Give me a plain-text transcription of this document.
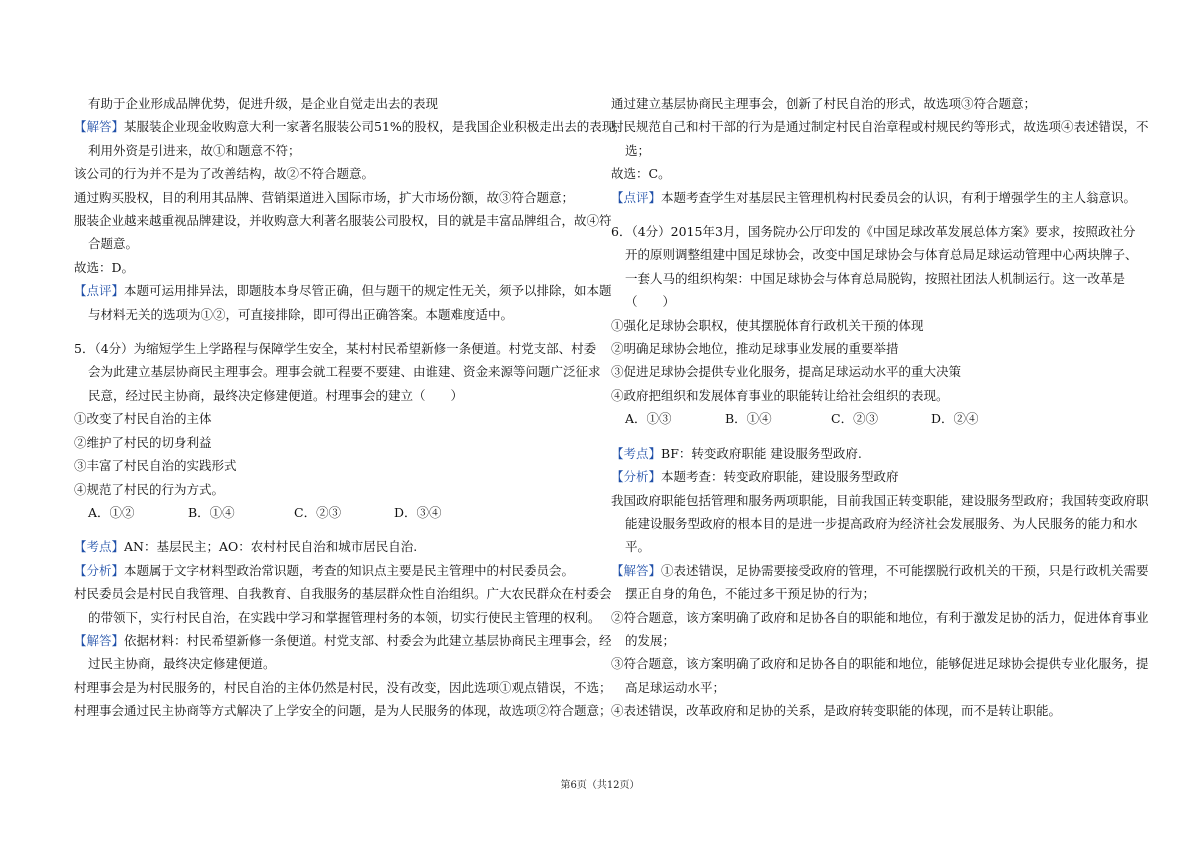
有助于企业形成品牌优势，促进升级，是企业自觉走出去的表现
【解答】某服装企业现金收购意大利一家著名服装公司51%的股权，是我国企业积极走出去的表现，
利用外资是引进来，故①和题意不符；
该公司的行为并不是为了改善结构，故②不符合题意。
通过购买股权，目的利用其品牌、营销渠道进入国际市场，扩大市场份额，故③符合题意；
服装企业越来越重视品牌建设，并收购意大利著名服装公司股权，目的就是丰富品牌组合，故④符
合题意。
故选：D。
【点评】本题可运用排异法，即题肢本身尽管正确，但与题干的规定性无关，须予以排除，如本题
与材料无关的选项为①②，可直接排除，即可得出正确答案。本题难度适中。
5．（4分）为缩短学生上学路程与保障学生安全，某村村民希望新修一条便道。村党支部、村委
会为此建立基层协商民主理事会。理事会就工程要不要建、由谁建、资金来源等问题广泛征求
民意，经过民主协商，最终决定修建便道。村理事会的建立（　　）
①改变了村民自治的主体
②维护了村民的切身利益
③丰富了村民自治的实践形式
④规范了村民的行为方式。
A．①②	B．①④	C．②③	D．③④
【考点】AN：基层民主；AO：农村村民自治和城市居民自治.
【分析】本题属于文字材料型政治常识题，考查的知识点主要是民主管理中的村民委员会。
村民委员会是村民自我管理、自我教育、自我服务的基层群众性自治组织。广大农民群众在村委会
的带领下，实行村民自治，在实践中学习和掌握管理村务的本领，切实行使民主管理的权利。
【解答】依据材料：村民希望新修一条便道。村党支部、村委会为此建立基层协商民主理事会，经
过民主协商，最终决定修建便道。
村理事会是为村民服务的，村民自治的主体仍然是村民，没有改变，因此选项①观点错误，不选；
村理事会通过民主协商等方式解决了上学安全的问题，是为人民服务的体现，故选项②符合题意；
通过建立基层协商民主理事会，创新了村民自治的形式，故选项③符合题意；
村民规范自己和村干部的行为是通过制定村民自治章程或村规民约等形式，故选项④表述错误，不
选；
故选：C。
【点评】本题考查学生对基层民主管理机构村民委员会的认识，有利于增强学生的主人翁意识。
6．（4分）2015年3月，国务院办公厅印发的《中国足球改革发展总体方案》要求，按照政社分
开的原则调整组建中国足球协会，改变中国足球协会与体育总局足球运动管理中心两块牌子、
一套人马的组织构架：中国足球协会与体育总局脱钩，按照社团法人机制运行。这一改革是
（　　）
①强化足球协会职权，使其摆脱体育行政机关干预的体现
②明确足球协会地位，推动足球事业发展的重要举措
③促进足球协会提供专业化服务，提高足球运动水平的重大决策
④政府把组织和发展体育事业的职能转让给社会组织的表现。
A．①③	B．①④	C．②③	D．②④
【考点】BF：转变政府职能 建设服务型政府.
【分析】本题考查：转变政府职能，建设服务型政府
我国政府职能包括管理和服务两项职能，目前我国正转变职能，建设服务型政府；我国转变政府职
能建设服务型政府的根本目的是进一步提高政府为经济社会发展服务、为人民服务的能力和水
平。
【解答】①表述错误，足协需要接受政府的管理，不可能摆脱行政机关的干预，只是行政机关需要
摆正自身的角色，不能过多干预足协的行为；
②符合题意，该方案明确了政府和足协各自的职能和地位，有利于激发足协的活力，促进体育事业
的发展；
③符合题意，该方案明确了政府和足协各自的职能和地位，能够促进足球协会提供专业化服务，提
高足球运动水平；
④表述错误，改革政府和足协的关系，是政府转变职能的体现，而不是转让职能。
第6页（共12页）
